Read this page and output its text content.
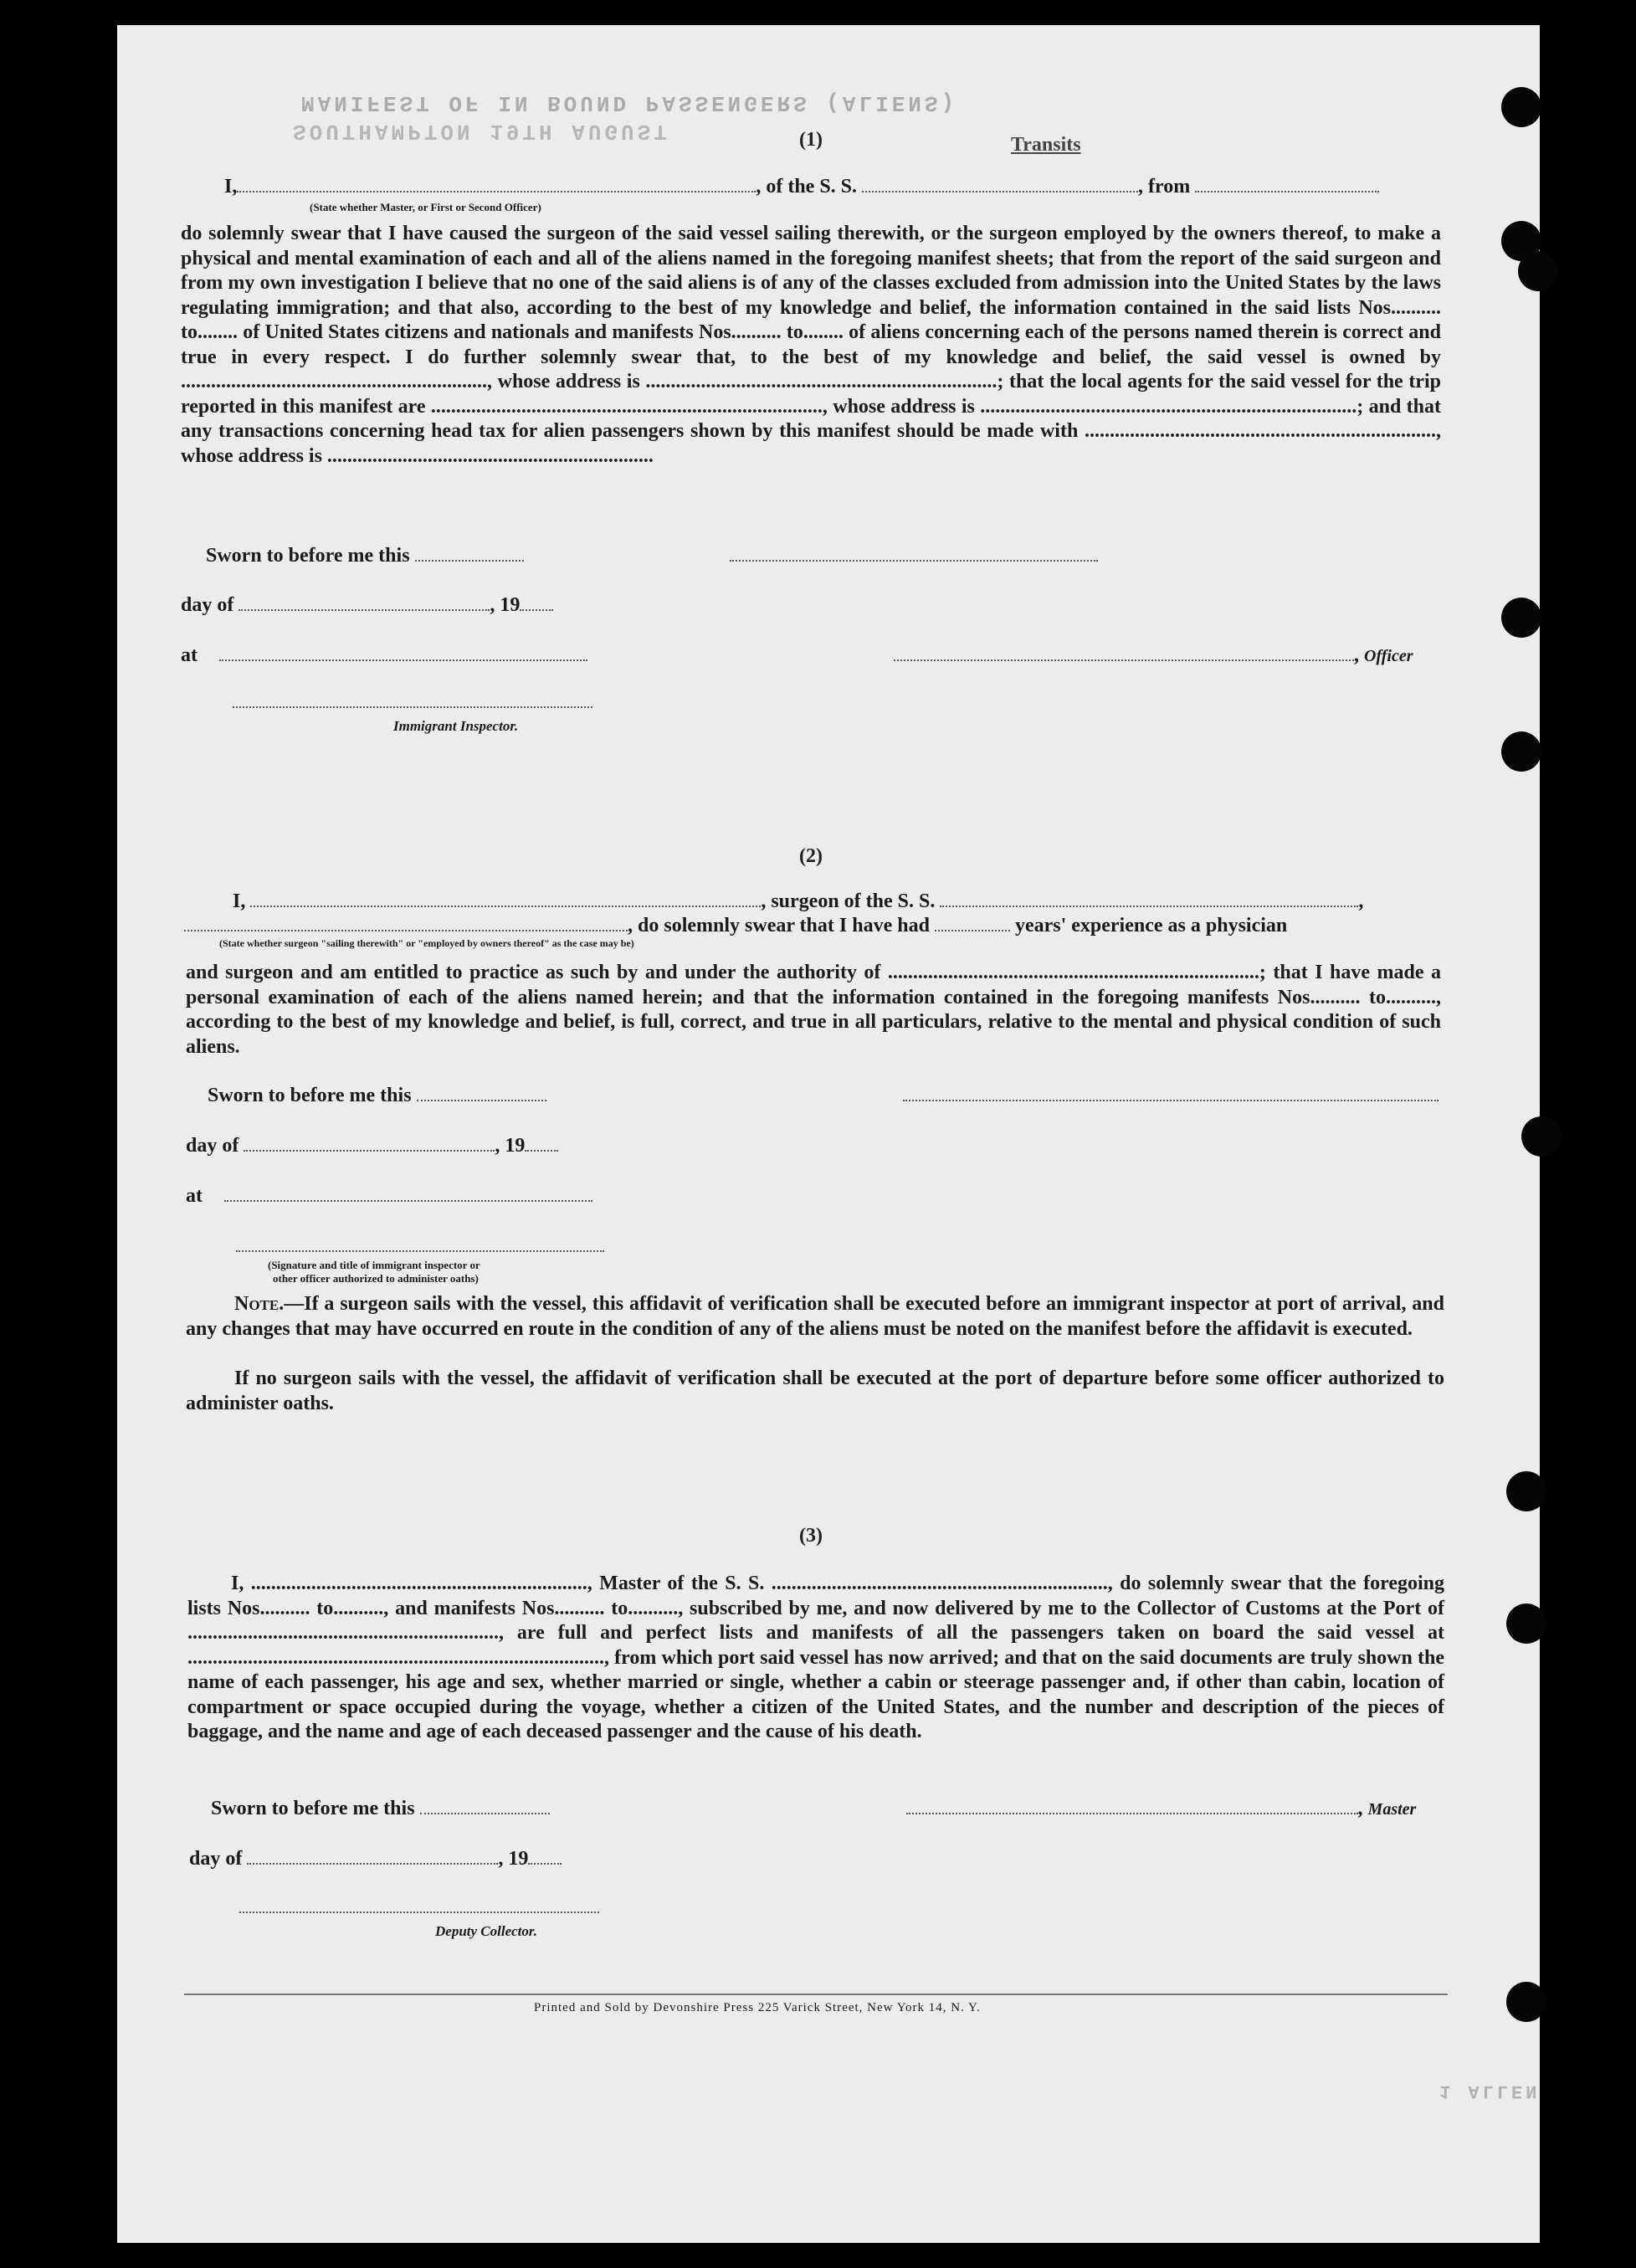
MANIFEST OF IN BOUND PASSENGERS (ALIENS)
SOUTHAMPTON 19TH AUGUST	(1)	Transits
I,	, of the S. S.	, from
(State whether Master, or First or Second Officer)
do solemnly swear that I have caused the surgeon of the said vessel sailing therewith, or the surgeon employed by the owners thereof, to make a physical and mental examination of each and all of the aliens named in the foregoing manifest sheets; that from the report of the said surgeon and from my own investigation I believe that no one of the said aliens is of any of the classes excluded from admission into the United States by the laws regulating immigration; and that also, according to the best of my knowledge and belief, the information contained in the said lists Nos.......... to........ of United States citizens and nationals and manifests Nos.......... to........ of aliens concerning each of the persons named therein is correct and true in every respect. I do further solemnly swear that, to the best of my knowledge and belief, the said vessel is owned by ............................................................., whose address is ......................................................................; that the local agents for the said vessel for the trip reported in this manifest are .............................................................................., whose address is ...........................................................................; and that any transactions concerning head tax for alien passengers shown by this manifest should be made with ......................................................................, whose address is .................................................................
Sworn to before me this
day of	, 19
at	, Officer
Immigrant Inspector.
(2)
I,	, surgeon of the S. S.	,
, do solemnly swear that I have had	years' experience as a physician
(State whether surgeon "sailing therewith" or "employed by owners thereof" as the case may be)
and surgeon and am entitled to practice as such by and under the authority of ..........................................................................; that I have made a personal examination of each of the aliens named herein; and that the information contained in the foregoing manifests Nos.......... to.........., according to the best of my knowledge and belief, is full, correct, and true in all particulars, relative to the mental and physical condition of such aliens.
Sworn to before me this
day of	, 19
at
(Signature and title of immigrant inspector or
other officer authorized to administer oaths)
Note.—If a surgeon sails with the vessel, this affidavit of verification shall be executed before an immigrant inspector at port of arrival, and any changes that may have occurred en route in the condition of any of the aliens must be noted on the manifest before the affidavit is executed.
If no surgeon sails with the vessel, the affidavit of verification shall be executed at the port of departure before some officer authorized to administer oaths.
(3)
I, ..................................................................., Master of the S. S. ..................................................................., do solemnly swear that the foregoing lists Nos.......... to.........., and manifests Nos.......... to.........., subscribed by me, and now delivered by me to the Collector of Customs at the Port of .............................................................., are full and perfect lists and manifests of all the passengers taken on board the said vessel at ..................................................................................., from which port said vessel has now arrived; and that on the said documents are truly shown the name of each passenger, his age and sex, whether married or single, whether a cabin or steerage passenger and, if other than cabin, location of compartment or space occupied during the voyage, whether a citizen of the United States, and the number and description of the pieces of baggage, and the name and age of each deceased passenger and the cause of his death.
Sworn to before me this	, Master
day of	, 19
Deputy Collector.
Printed and Sold by Devonshire Press 225 Varick Street, New York 14, N. Y.
1 ALLEN
